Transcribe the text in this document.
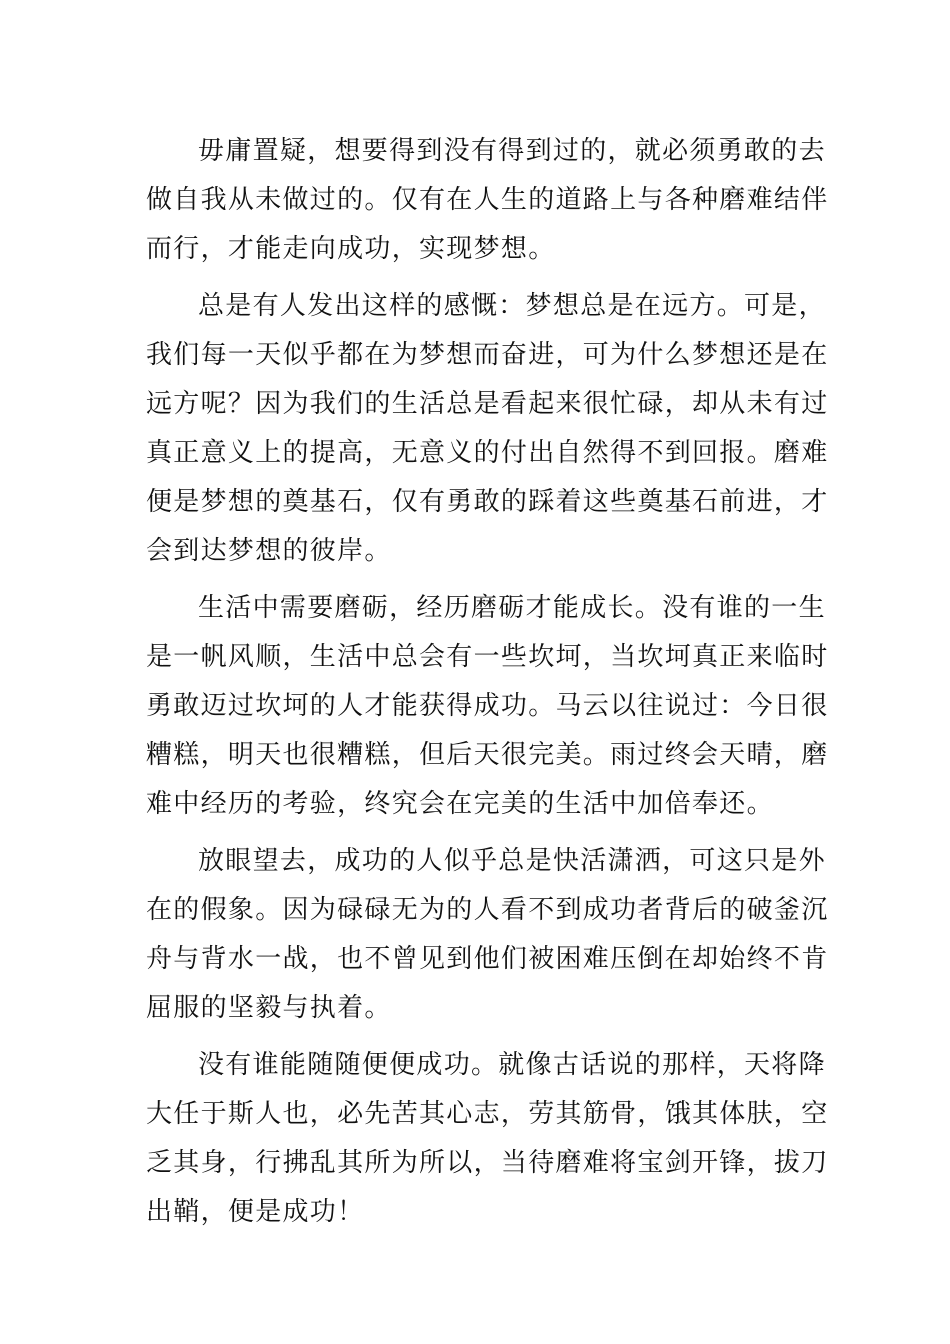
毋庸置疑，想要得到没有得到过的，就必须勇敢的去
做自我从未做过的。仅有在人生的道路上与各种磨难结伴
而行，才能走向成功，实现梦想。

总是有人发出这样的感慨：梦想总是在远方。可是，
我们每一天似乎都在为梦想而奋进，可为什么梦想还是在
远方呢？因为我们的生活总是看起来很忙碌，却从未有过
真正意义上的提高，无意义的付出自然得不到回报。磨难
便是梦想的奠基石，仅有勇敢的踩着这些奠基石前进，才
会到达梦想的彼岸。

生活中需要磨砺，经历磨砺才能成长。没有谁的一生
是一帆风顺，生活中总会有一些坎坷，当坎坷真正来临时
勇敢迈过坎坷的人才能获得成功。马云以往说过：今日很
糟糕，明天也很糟糕，但后天很完美。雨过终会天晴，磨
难中经历的考验，终究会在完美的生活中加倍奉还。

放眼望去，成功的人似乎总是快活潇洒，可这只是外
在的假象。因为碌碌无为的人看不到成功者背后的破釜沉
舟与背水一战，也不曾见到他们被困难压倒在却始终不肯
屈服的坚毅与执着。

没有谁能随随便便成功。就像古话说的那样，天将降
大任于斯人也，必先苦其心志，劳其筋骨，饿其体肤，空
乏其身，行拂乱其所为所以，当待磨难将宝剑开锋，拔刀
出鞘，便是成功！
